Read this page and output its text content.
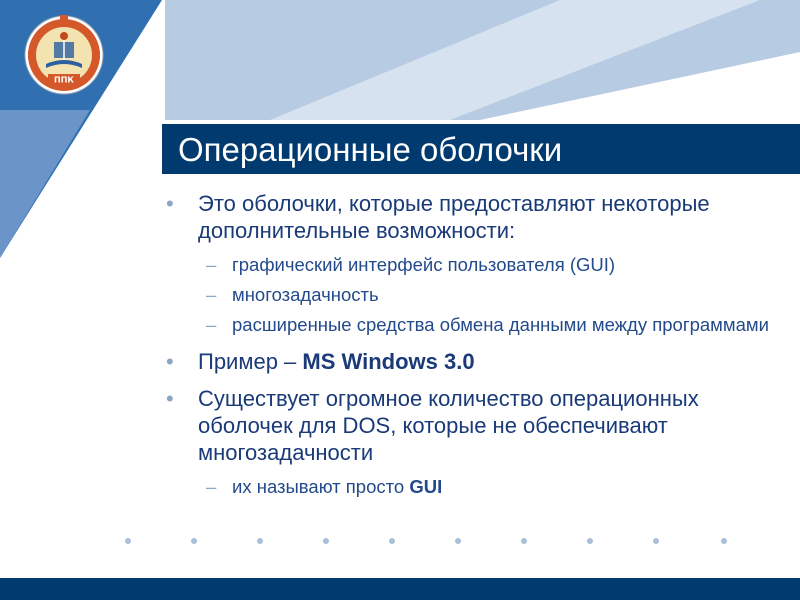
ППК
Операционные оболочки
• Это оболочки, которые предоставляют некоторые дополнительные возможности:
– графический интерфейс пользователя (GUI)
– многозадачность
– расширенные средства обмена данными между программами
• Пример – MS Windows 3.0
• Существует огромное количество операционных оболочек для DOS, которые не обеспечивают многозадачности
– их называют просто GUI
